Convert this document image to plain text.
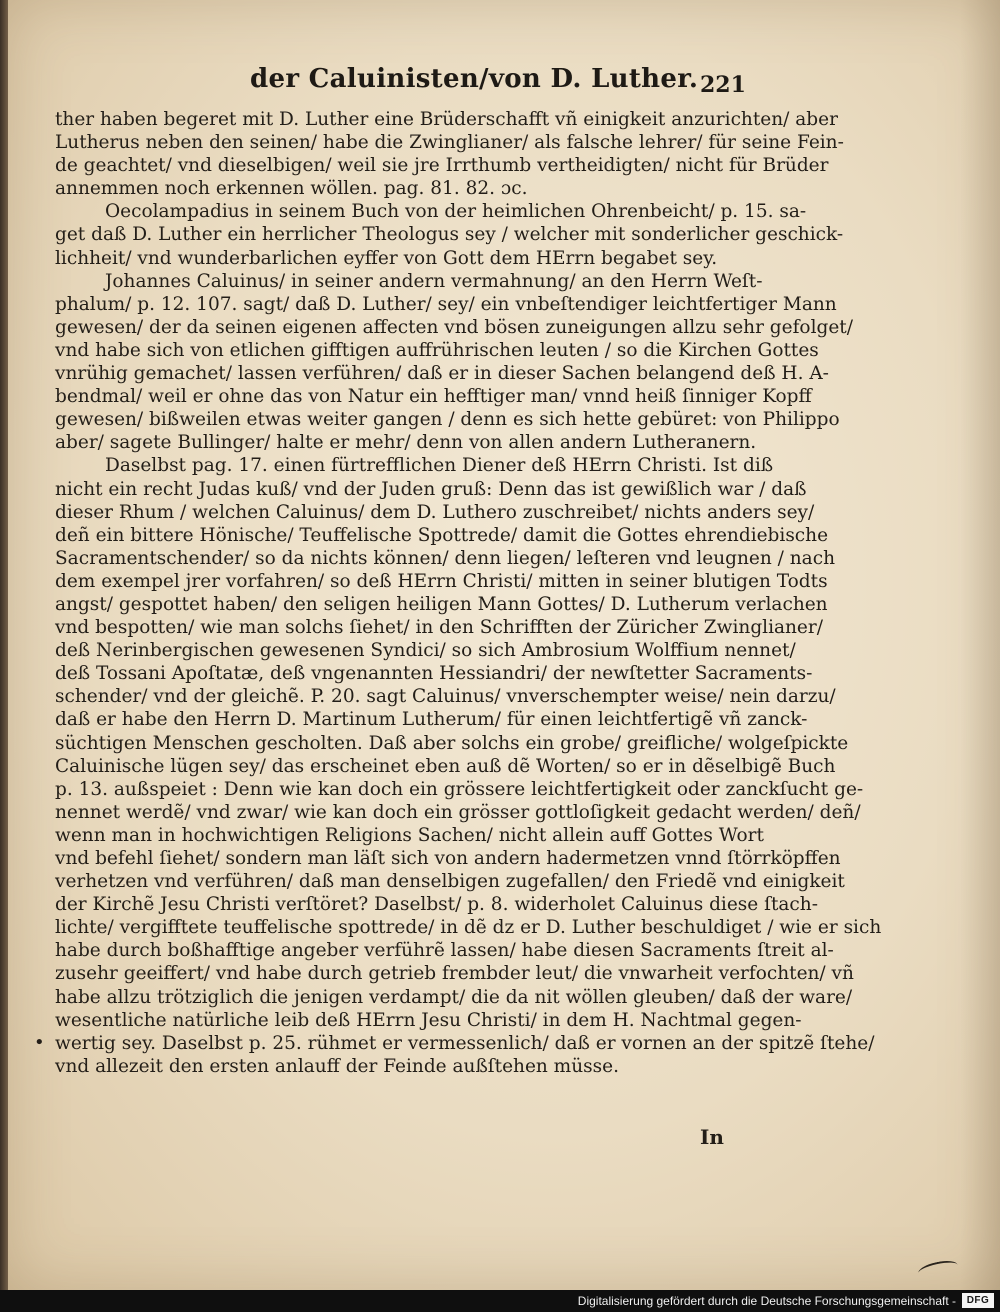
der Caluinisten/von D. Luther. 221
ther haben begeret mit D. Luther eine Brüderschafft vñ einigkeit anzurichten/ aber
Lutherus neben den seinen/ habe die Zwinglianer/ als falsche lehrer/ für seine Fein-
de geachtet/ vnd dieselbigen/ weil sie jre Irrthumb vertheidigten/ nicht für Brüder
annemmen noch erkennen wöllen. pag. 81. 82. ɔc.
Oecolampadius in seinem Buch von der heimlichen Ohrenbeicht/ p. 15. sa-
get daß D. Luther ein herrlicher Theologus sey / welcher mit sonderlicher geschick-
lichheit/ vnd wunderbarlichen eyffer von Gott dem HErrn begabet sey.
Johannes Caluinus/ in seiner andern vermahnung/ an den Herrn Weſt-
phalum/ p. 12. 107. sagt/ daß D. Luther/ sey/ ein vnbeſtendiger leichtfertiger Mann
gewesen/ der da seinen eigenen affecten vnd bösen zuneigungen allzu sehr gefolget/
vnd habe sich von etlichen gifftigen auffrührischen leuten / so die Kirchen Gottes
vnrühig gemachet/ lassen verführen/ daß er in dieser Sachen belangend deß H. A-
bendmal/ weil er ohne das von Natur ein hefftiger man/ vnnd heiß ſinniger Kopff
gewesen/ bißweilen etwas weiter gangen / denn es sich hette gebüret: von Philippo
aber/ sagete Bullinger/ halte er mehr/ denn von allen andern Lutheranern.
Daselbst pag. 17. einen fürtrefflichen Diener deß HErrn Christi. Ist diß
nicht ein recht Judas kuß/ vnd der Juden gruß: Denn das ist gewißlich war / daß
dieser Rhum / welchen Caluinus/ dem D. Luthero zuschreibet/ nichts anders sey/
deñ ein bittere Hönische/ Teuffelische Spottrede/ damit die Gottes ehrendiebische
Sacramentschender/ so da nichts können/ denn liegen/ leſteren vnd leugnen / nach
dem exempel jrer vorfahren/ so deß HErrn Christi/ mitten in seiner blutigen Todts
angst/ gespottet haben/ den seligen heiligen Mann Gottes/ D. Lutherum verlachen
vnd bespotten/ wie man solchs ſiehet/ in den Schrifften der Züricher Zwinglianer/
deß Nerinbergischen gewesenen Syndici/ so sich Ambrosium Wolffium nennet/
deß Tossani Apoſtatæ, deß vngenannten Hessiandri/ der newſtetter Sacraments-
schender/ vnd der gleichẽ. P. 20. sagt Caluinus/ vnverschempter weise/ nein darzu/
daß er habe den Herrn D. Martinum Lutherum/ für einen leichtfertigẽ vñ zanck-
süchtigen Menschen gescholten. Daß aber solchs ein grobe/ greifliche/ wolgeſpickte
Caluinische lügen sey/ das erscheinet eben auß dẽ Worten/ so er in dẽselbigẽ Buch
p. 13. außspeiet : Denn wie kan doch ein grössere leichtfertigkeit oder zanckſucht ge-
nennet werdẽ/ vnd zwar/ wie kan doch ein grösser gottloſigkeit gedacht werden/ deñ/
wenn man in hochwichtigen Religions Sachen/ nicht allein auff Gottes Wort
vnd befehl ſiehet/ sondern man läſt sich von andern hadermetzen vnnd ſtörrköpffen
verhetzen vnd verführen/ daß man denselbigen zugefallen/ den Friedẽ vnd einigkeit
der Kirchẽ Jesu Christi verſtöret? Daselbst/ p. 8. widerholet Caluinus diese ſtach-
lichte/ vergifftete teuffelische spottrede/ in dẽ dz er D. Luther beschuldiget / wie er sich
habe durch boßhafftige angeber verführẽ lassen/ habe diesen Sacraments ſtreit al-
zusehr geeiffert/ vnd habe durch getrieb frembder leut/ die vnwarheit verfochten/ vñ
habe allzu trötziglich die jenigen verdampt/ die da nit wöllen gleuben/ daß der ware/
wesentliche natürliche leib deß HErrn Jesu Christi/ in dem H. Nachtmal gegen-
wertig sey. Daselbst p. 25. rühmet er vermessenlich/ daß er vornen an der spitzẽ ſtehe/
vnd allezeit den ersten anlauff der Feinde außſtehen müsse.
•
In
Digitalisierung gefördert durch die Deutsche Forschungsgemeinschaft -	DFG
